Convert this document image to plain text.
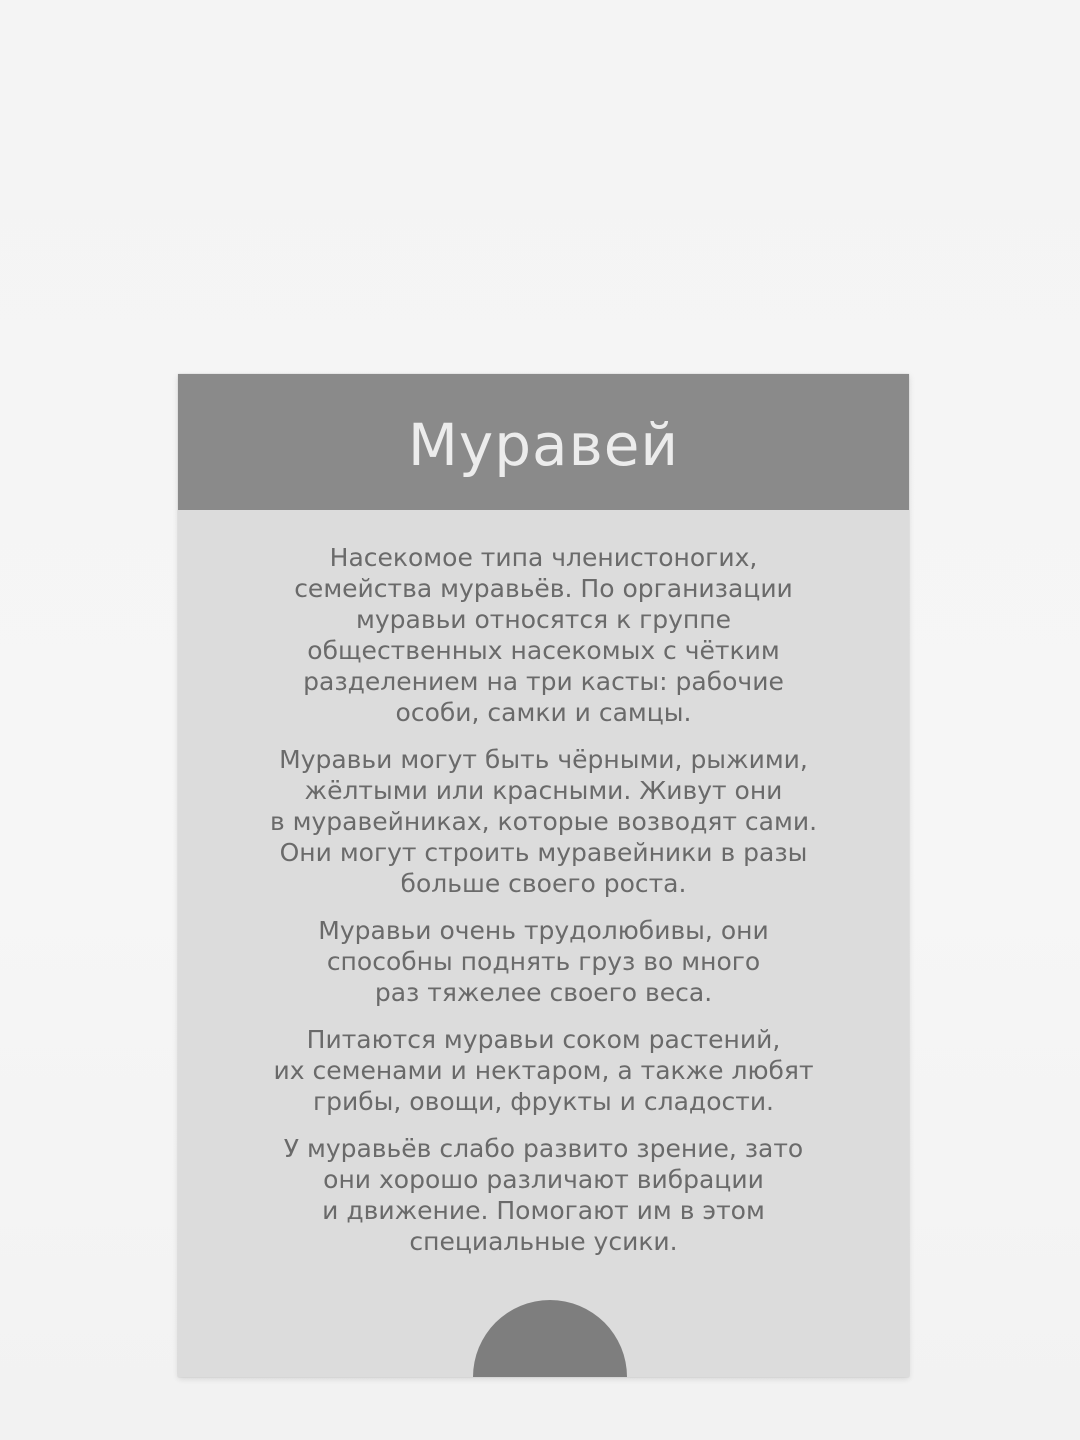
Муравей

Насекомое типа членистоногих,
семейства муравьёв. По организации
муравьи относятся к группе
общественных насекомых с чётким
разделением на три касты: рабочие
особи, самки и самцы.

Муравьи могут быть чёрными, рыжими,
жёлтыми или красными. Живут они
в муравейниках, которые возводят сами.
Они могут строить муравейники в разы
больше своего роста.

Муравьи очень трудолюбивы, они
способны поднять груз во много
раз тяжелее своего веса.

Питаются муравьи соком растений,
их семенами и нектаром, а также любят
грибы, овощи, фрукты и сладости.

У муравьёв слабо развито зрение, зато
они хорошо различают вибрации
и движение. Помогают им в этом
специальные усики.
